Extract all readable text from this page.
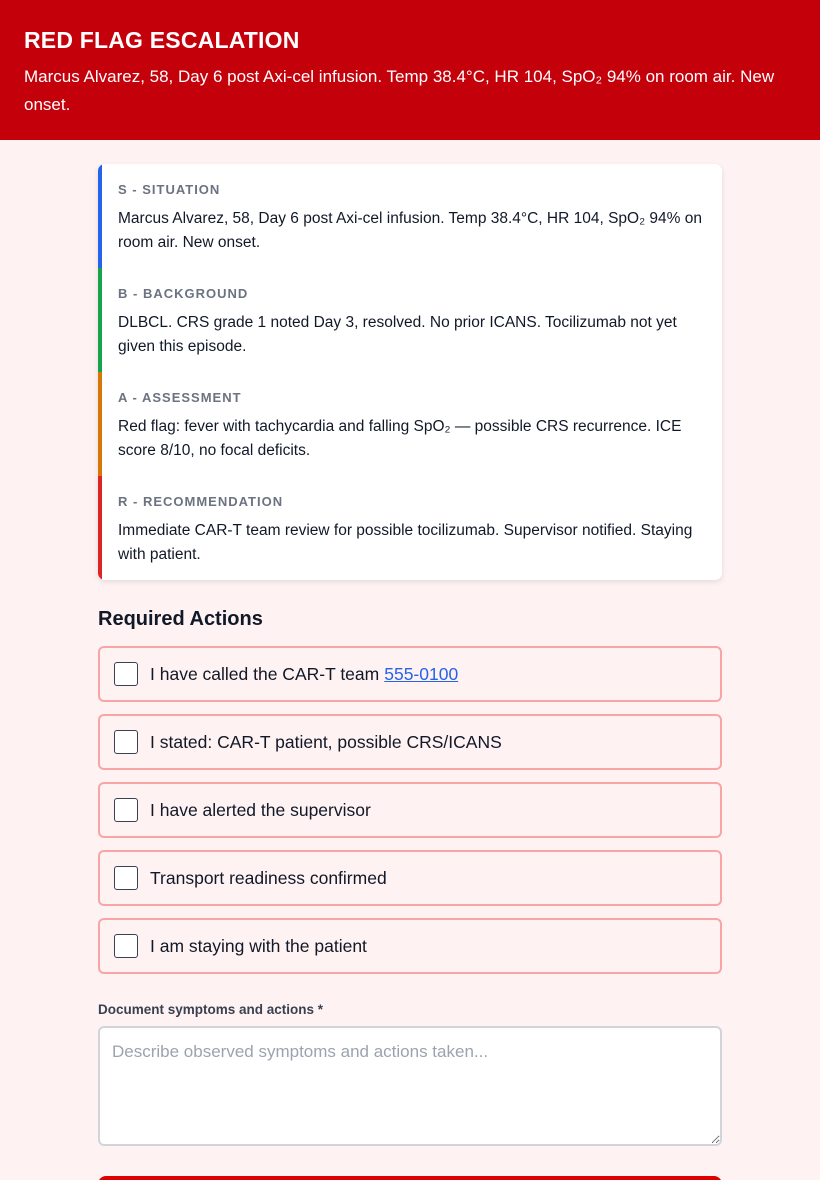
RED FLAG ESCALATION

Marcus Alvarez, 58, Day 6 post Axi-cel infusion. Temp 38.4°C, HR 104, SpO₂ 94% on room air. New onset.

S - SITUATION
Marcus Alvarez, 58, Day 6 post Axi-cel infusion. Temp 38.4°C, HR 104, SpO₂ 94% on room air. New onset.
B - BACKGROUND
DLBCL. CRS grade 1 noted Day 3, resolved. No prior ICANS. Tocilizumab not yet given this episode.
A - ASSESSMENT
Red flag: fever with tachycardia and falling SpO₂ — possible CRS recurrence. ICE score 8/10, no focal deficits.
R - RECOMMENDATION
Immediate CAR-T team review for possible tocilizumab. Supervisor notified. Staying with patient.
Required Actions
I have called the CAR-T team 555-0100
I stated: CAR-T patient, possible CRS/ICANS
I have alerted the supervisor
Transport readiness confirmed
I am staying with the patient
Document symptoms and actions *
Describe observed symptoms and actions taken...
